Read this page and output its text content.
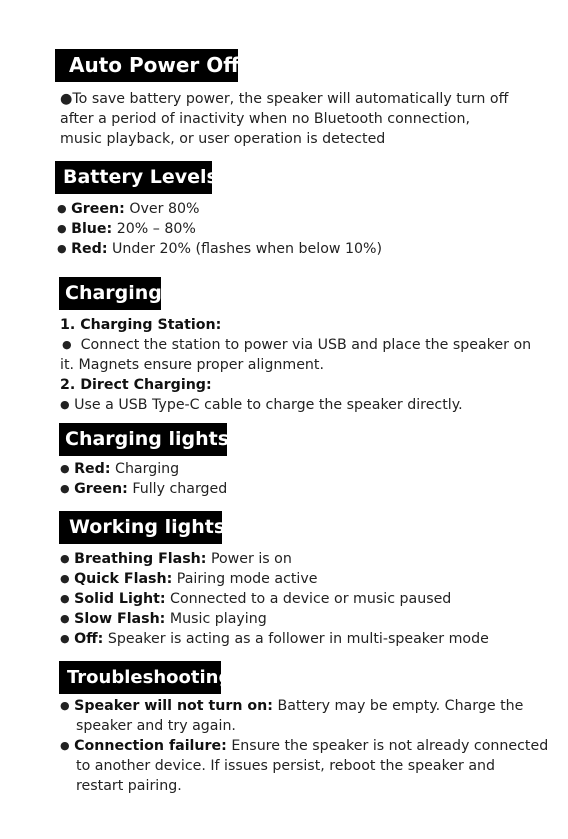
Auto Power Off
●To save battery power, the speaker will automatically turn off
after a period of inactivity when no Bluetooth connection,
music playback, or user operation is detected
Battery Levels
● Green: Over 80%
● Blue: 20% – 80%
● Red: Under 20% (flashes when below 10%)
Charging
1. Charging Station:
● Connect the station to power via USB and place the speaker on
it. Magnets ensure proper alignment.
2. Direct Charging:
● Use a USB Type-C cable to charge the speaker directly.
Charging lights
● Red: Charging
● Green: Fully charged
Working lights
● Breathing Flash: Power is on
● Quick Flash: Pairing mode active
● Solid Light: Connected to a device or music paused
● Slow Flash: Music playing
● Off: Speaker is acting as a follower in multi-speaker mode
Troubleshooting
● Speaker will not turn on: Battery may be empty. Charge the
speaker and try again.
● Connection failure: Ensure the speaker is not already connected
to another device. If issues persist, reboot the speaker and
restart pairing.
